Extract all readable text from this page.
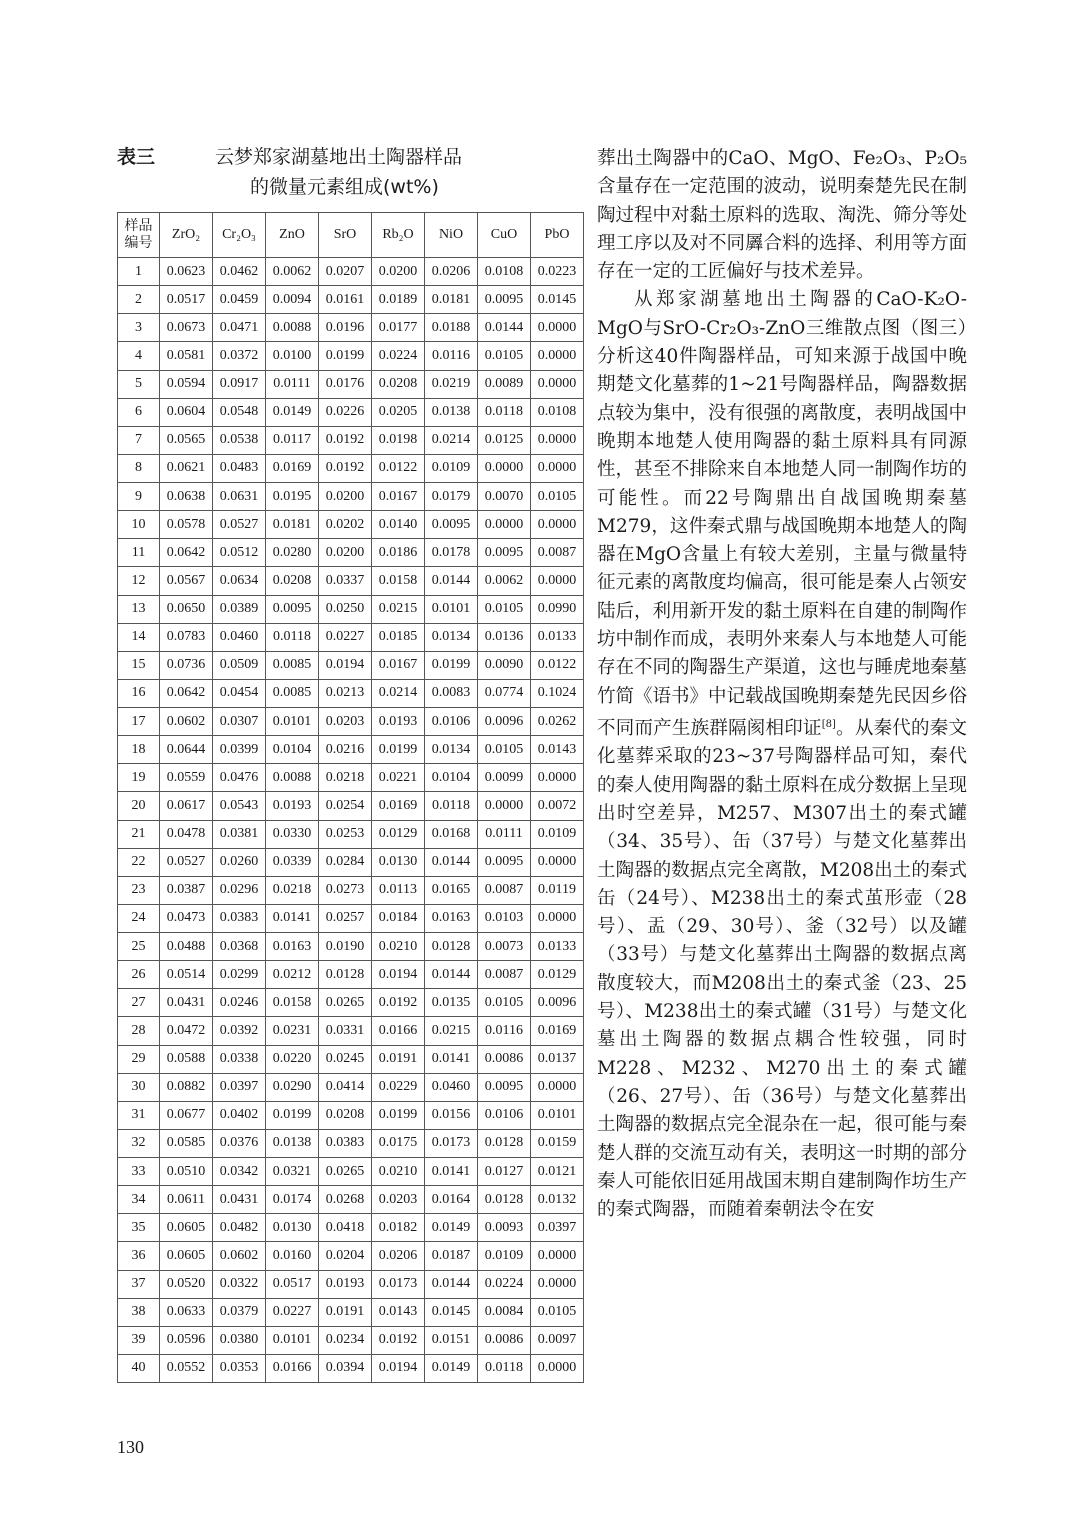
表三	云梦郑家湖墓地出土陶器样品
的微量元素组成(wt%)
样品
编号	ZrO₂	Cr₂O₃	ZnO	SrO	Rb₂O	NiO	CuO	PbO
1	0.0623	0.0462	0.0062	0.0207	0.0200	0.0206	0.0108	0.0223
2	0.0517	0.0459	0.0094	0.0161	0.0189	0.0181	0.0095	0.0145
3	0.0673	0.0471	0.0088	0.0196	0.0177	0.0188	0.0144	0.0000
4	0.0581	0.0372	0.0100	0.0199	0.0224	0.0116	0.0105	0.0000
5	0.0594	0.0917	0.0111	0.0176	0.0208	0.0219	0.0089	0.0000
6	0.0604	0.0548	0.0149	0.0226	0.0205	0.0138	0.0118	0.0108
7	0.0565	0.0538	0.0117	0.0192	0.0198	0.0214	0.0125	0.0000
8	0.0621	0.0483	0.0169	0.0192	0.0122	0.0109	0.0000	0.0000
9	0.0638	0.0631	0.0195	0.0200	0.0167	0.0179	0.0070	0.0105
10	0.0578	0.0527	0.0181	0.0202	0.0140	0.0095	0.0000	0.0000
11	0.0642	0.0512	0.0280	0.0200	0.0186	0.0178	0.0095	0.0087
12	0.0567	0.0634	0.0208	0.0337	0.0158	0.0144	0.0062	0.0000
13	0.0650	0.0389	0.0095	0.0250	0.0215	0.0101	0.0105	0.0990
14	0.0783	0.0460	0.0118	0.0227	0.0185	0.0134	0.0136	0.0133
15	0.0736	0.0509	0.0085	0.0194	0.0167	0.0199	0.0090	0.0122
16	0.0642	0.0454	0.0085	0.0213	0.0214	0.0083	0.0774	0.1024
17	0.0602	0.0307	0.0101	0.0203	0.0193	0.0106	0.0096	0.0262
18	0.0644	0.0399	0.0104	0.0216	0.0199	0.0134	0.0105	0.0143
19	0.0559	0.0476	0.0088	0.0218	0.0221	0.0104	0.0099	0.0000
20	0.0617	0.0543	0.0193	0.0254	0.0169	0.0118	0.0000	0.0072
21	0.0478	0.0381	0.0330	0.0253	0.0129	0.0168	0.0111	0.0109
22	0.0527	0.0260	0.0339	0.0284	0.0130	0.0144	0.0095	0.0000
23	0.0387	0.0296	0.0218	0.0273	0.0113	0.0165	0.0087	0.0119
24	0.0473	0.0383	0.0141	0.0257	0.0184	0.0163	0.0103	0.0000
25	0.0488	0.0368	0.0163	0.0190	0.0210	0.0128	0.0073	0.0133
26	0.0514	0.0299	0.0212	0.0128	0.0194	0.0144	0.0087	0.0129
27	0.0431	0.0246	0.0158	0.0265	0.0192	0.0135	0.0105	0.0096
28	0.0472	0.0392	0.0231	0.0331	0.0166	0.0215	0.0116	0.0169
29	0.0588	0.0338	0.0220	0.0245	0.0191	0.0141	0.0086	0.0137
30	0.0882	0.0397	0.0290	0.0414	0.0229	0.0460	0.0095	0.0000
31	0.0677	0.0402	0.0199	0.0208	0.0199	0.0156	0.0106	0.0101
32	0.0585	0.0376	0.0138	0.0383	0.0175	0.0173	0.0128	0.0159
33	0.0510	0.0342	0.0321	0.0265	0.0210	0.0141	0.0127	0.0121
34	0.0611	0.0431	0.0174	0.0268	0.0203	0.0164	0.0128	0.0132
35	0.0605	0.0482	0.0130	0.0418	0.0182	0.0149	0.0093	0.0397
36	0.0605	0.0602	0.0160	0.0204	0.0206	0.0187	0.0109	0.0000
37	0.0520	0.0322	0.0517	0.0193	0.0173	0.0144	0.0224	0.0000
38	0.0633	0.0379	0.0227	0.0191	0.0143	0.0145	0.0084	0.0105
39	0.0596	0.0380	0.0101	0.0234	0.0192	0.0151	0.0086	0.0097
40	0.0552	0.0353	0.0166	0.0394	0.0194	0.0149	0.0118	0.0000

葬出土陶器中的CaO、MgO、Fe₂O₃、P₂O₅含量存在一定范围的波动，说明秦楚先民在制陶过程中对黏土原料的选取、淘洗、筛分等处理工序以及对不同羼合料的选择、利用等方面存在一定的工匠偏好与技术差异。

从郑家湖墓地出土陶器的CaO-K₂O-MgO与SrO-Cr₂O₃-ZnO三维散点图（图三）分析这40件陶器样品，可知来源于战国中晚期楚文化墓葬的1~21号陶器样品，陶器数据点较为集中，没有很强的离散度，表明战国中晚期本地楚人使用陶器的黏土原料具有同源性，甚至不排除来自本地楚人同一制陶作坊的可能性。而22号陶鼎出自战国晚期秦墓M279，这件秦式鼎与战国晚期本地楚人的陶器在MgO含量上有较大差别，主量与微量特征元素的离散度均偏高，很可能是秦人占领安陆后，利用新开发的黏土原料在自建的制陶作坊中制作而成，表明外来秦人与本地楚人可能存在不同的陶器生产渠道，这也与睡虎地秦墓竹简《语书》中记载战国晚期秦楚先民因乡俗不同而产生族群隔阂相印证[8]。从秦代的秦文化墓葬采取的23~37号陶器样品可知，秦代的秦人使用陶器的黏土原料在成分数据上呈现出时空差异，M257、M307出土的秦式罐（34、35号）、缶（37号）与楚文化墓葬出土陶器的数据点完全离散，M208出土的秦式缶（24号）、M238出土的秦式茧形壶（28号）、盂（29、30号）、釜（32号）以及罐（33号）与楚文化墓葬出土陶器的数据点离散度较大，而M208出土的秦式釜（23、25号）、M238出土的秦式罐（31号）与楚文化墓出土陶器的数据点耦合性较强，同时M228、M232、M270出土的秦式罐（26、27号）、缶（36号）与楚文化墓葬出土陶器的数据点完全混杂在一起，很可能与秦楚人群的交流互动有关，表明这一时期的部分秦人可能依旧延用战国末期自建制陶作坊生产的秦式陶器，而随着秦朝法令在安

130
